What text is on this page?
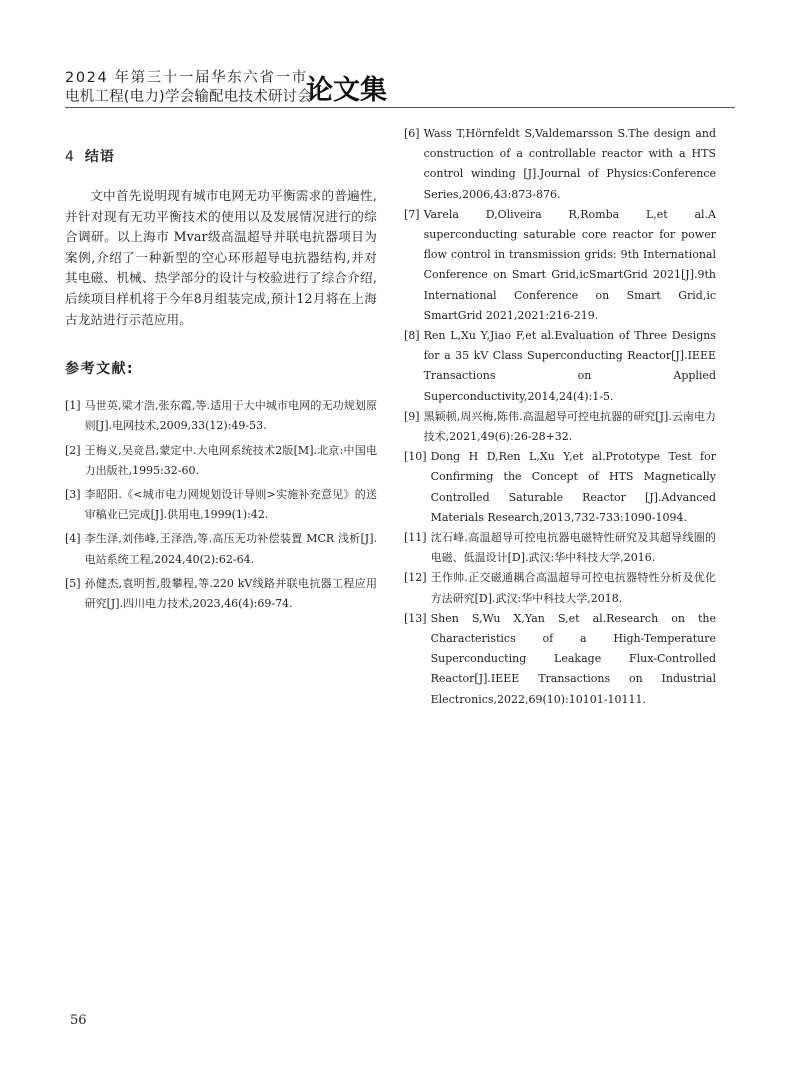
2024 年第三十一届华东六省一市
电机工程(电力)学会输配电技术研讨会
论文集
4 结语

文中首先说明现有城市电网无功平衡需求的普遍性,并针对现有无功平衡技术的使用以及发展情况进行的综合调研。以上海市 Mvar级高温超导并联电抗器项目为案例,介绍了一种新型的空心环形超导电抗器结构,并对其电磁、机械、热学部分的设计与校验进行了综合介绍,后续项目样机将于今年8月组装完成,预计12月将在上海古龙站进行示范应用。

参考文献:
[1] 马世英,梁才浩,张东霞,等.适用于大中城市电网的无功规划原则[J].电网技术,2009,33(12):49-53.
[2] 王梅义,吴竞昌,蒙定中.大电网系统技术2版[M].北京:中国电力出版社,1995:32-60.
[3] 李昭阳.《<城市电力网规划设计导则>实施补充意见》的送审稿业已完成[J].供用电,1999(1):42.
[4] 李生泽,刘伟峰,王泽浩,等.高压无功补偿装置 MCR 浅析[J].电站系统工程,2024,40(2):62-64.
[5] 孙健杰,袁明哲,殷攀程,等.220 kV线路并联电抗器工程应用研究[J].四川电力技术,2023,46(4):69-74.
[6] Wass T,Hörnfeldt S,Valdemarsson S.The design and construction of a controllable reactor with a HTS control winding [J].Journal of Physics:Conference Series,2006,43:873-876.
[7] Varela D,Oliveira R,Romba L,et al.A superconducting saturable core reactor for power flow control in transmission grids: 9th International Conference on Smart Grid,icSmartGrid 2021[J].9th International Conference on Smart Grid,ic SmartGrid 2021,2021:216-219.
[8] Ren L,Xu Y,Jiao F,et al.Evaluation of Three Designs for a 35 kV Class Superconducting Reactor[J].IEEE Transactions on Applied Superconductivity,2014,24(4):1-5.
[9] 黑颖顿,周兴梅,陈伟.高温超导可控电抗器的研究[J].云南电力技术,2021,49(6):26-28+32.
[10] Dong H D,Ren L,Xu Y,et al.Prototype Test for Confirming the Concept of HTS Magnetically Controlled Saturable Reactor [J].Advanced Materials Research,2013,732-733:1090-1094.
[11] 沈石峰.高温超导可控电抗器电磁特性研究及其超导线圈的电磁、低温设计[D].武汉:华中科技大学,2016.
[12] 王作帅.正交磁通耦合高温超导可控电抗器特性分析及优化方法研究[D].武汉:华中科技大学,2018.
[13] Shen S,Wu X,Yan S,et al.Research on the Characteristics of a High-Temperature Superconducting Leakage Flux-Controlled Reactor[J].IEEE Transactions on Industrial Electronics,2022,69(10):10101-10111.
56
